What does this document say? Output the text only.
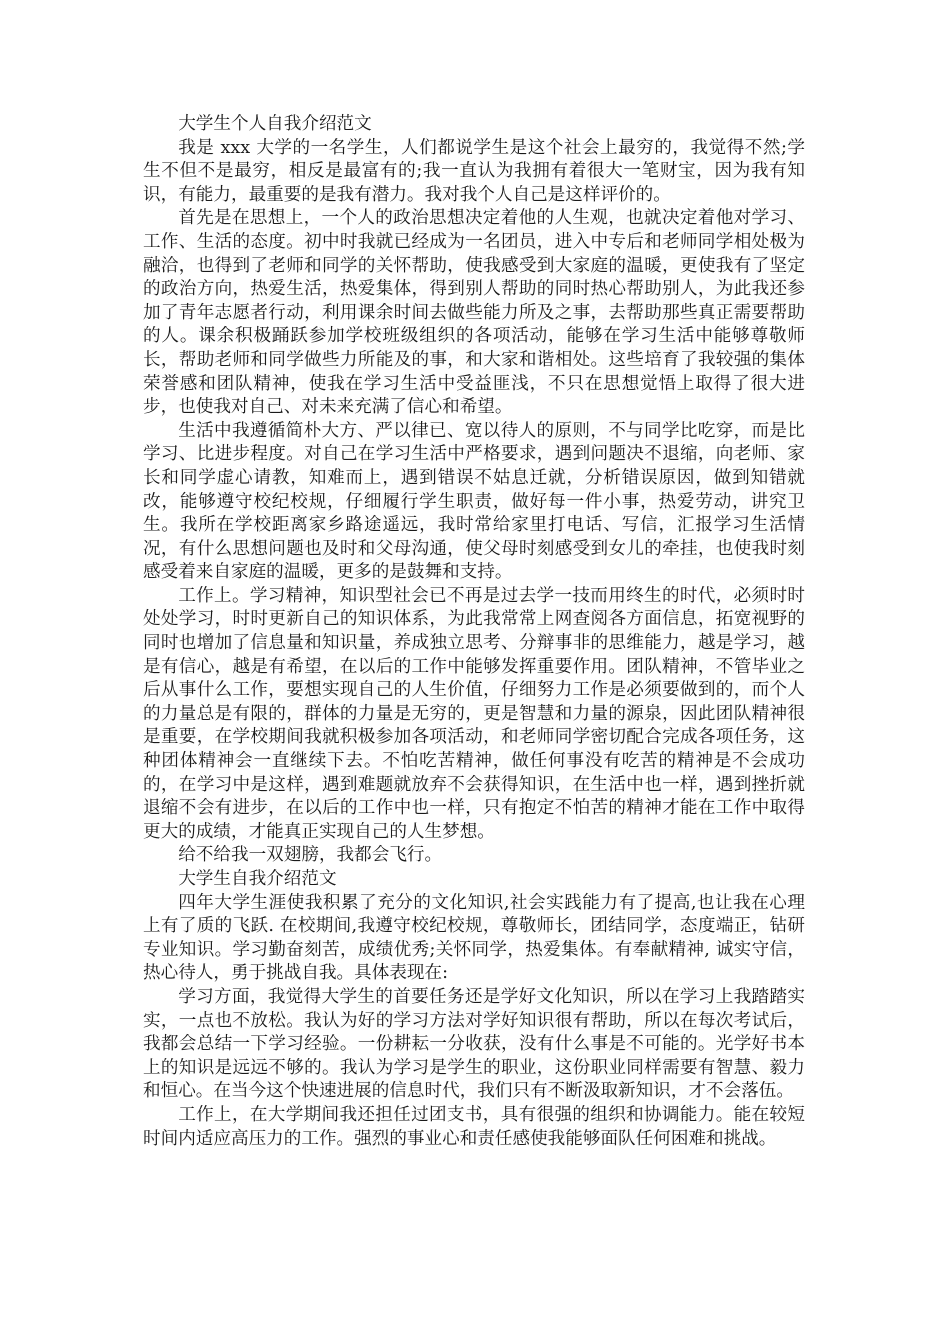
大学生个人自我介绍范文

我是 xxx 大学的一名学生，人们都说学生是这个社会上最穷的，我觉得不然;学生不但不是最穷，相反是最富有的;我一直认为我拥有着很大一笔财宝，因为我有知识，有能力，最重要的是我有潜力。我对我个人自己是这样评价的。

首先是在思想上，一个人的政治思想决定着他的人生观，也就决定着他对学习、工作、生活的态度。初中时我就已经成为一名团员，进入中专后和老师同学相处极为融洽，也得到了老师和同学的关怀帮助，使我感受到大家庭的温暖，更使我有了坚定的政治方向，热爱生活，热爱集体，得到别人帮助的同时热心帮助别人，为此我还参加了青年志愿者行动，利用课余时间去做些能力所及之事，去帮助那些真正需要帮助的人。课余积极踊跃参加学校班级组织的各项活动，能够在学习生活中能够尊敬师长，帮助老师和同学做些力所能及的事，和大家和谐相处。这些培育了我较强的集体荣誉感和团队精神，使我在学习生活中受益匪浅，不只在思想觉悟上取得了很大进步，也使我对自己、对未来充满了信心和希望。

生活中我遵循简朴大方、严以律已、宽以待人的原则，不与同学比吃穿，而是比学习、比进步程度。对自己在学习生活中严格要求，遇到问题决不退缩，向老师、家长和同学虚心请教，知难而上，遇到错误不姑息迁就，分析错误原因，做到知错就改，能够遵守校纪校规，仔细履行学生职责，做好每一件小事，热爱劳动，讲究卫生。我所在学校距离家乡路途遥远，我时常给家里打电话、写信，汇报学习生活情况，有什么思想问题也及时和父母沟通，使父母时刻感受到女儿的牵挂，也使我时刻感受着来自家庭的温暖，更多的是鼓舞和支持。

工作上。学习精神，知识型社会已不再是过去学一技而用终生的时代，必须时时处处学习，时时更新自己的知识体系，为此我常常上网查阅各方面信息，拓宽视野的同时也增加了信息量和知识量，养成独立思考、分辩事非的思维能力，越是学习，越是有信心，越是有希望，在以后的工作中能够发挥重要作用。团队精神，不管毕业之后从事什么工作，要想实现自己的人生价值，仔细努力工作是必须要做到的，而个人的力量总是有限的，群体的力量是无穷的，更是智慧和力量的源泉，因此团队精神很是重要，在学校期间我就积极参加各项活动，和老师同学密切配合完成各项任务，这种团体精神会一直继续下去。不怕吃苦精神，做任何事没有吃苦的精神是不会成功的，在学习中是这样，遇到难题就放弃不会获得知识，在生活中也一样，遇到挫折就退缩不会有进步，在以后的工作中也一样，只有抱定不怕苦的精神才能在工作中取得更大的成绩，才能真正实现自己的人生梦想。

给不给我一双翅膀，我都会飞行。

大学生自我介绍范文

四年大学生涯使我积累了充分的文化知识,社会实践能力有了提高,也让我在心理上有了质的飞跃. 在校期间,我遵守校纪校规，尊敬师长，团结同学，态度端正，钻研专业知识。学习勤奋刻苦，成绩优秀;关怀同学，热爱集体。有奉献精神, 诚实守信，热心待人，勇于挑战自我。具体表现在:

学习方面，我觉得大学生的首要任务还是学好文化知识，所以在学习上我踏踏实实，一点也不放松。我认为好的学习方法对学好知识很有帮助，所以在每次考试后，我都会总结一下学习经验。一份耕耘一分收获，没有什么事是不可能的。光学好书本上的知识是远远不够的。我认为学习是学生的职业，这份职业同样需要有智慧、毅力和恒心。在当今这个快速进展的信息时代，我们只有不断汲取新知识，才不会落伍。

工作上，在大学期间我还担任过团支书，具有很强的组织和协调能力。能在较短时间内适应高压力的工作。强烈的事业心和责任感使我能够面队任何困难和挑战。
